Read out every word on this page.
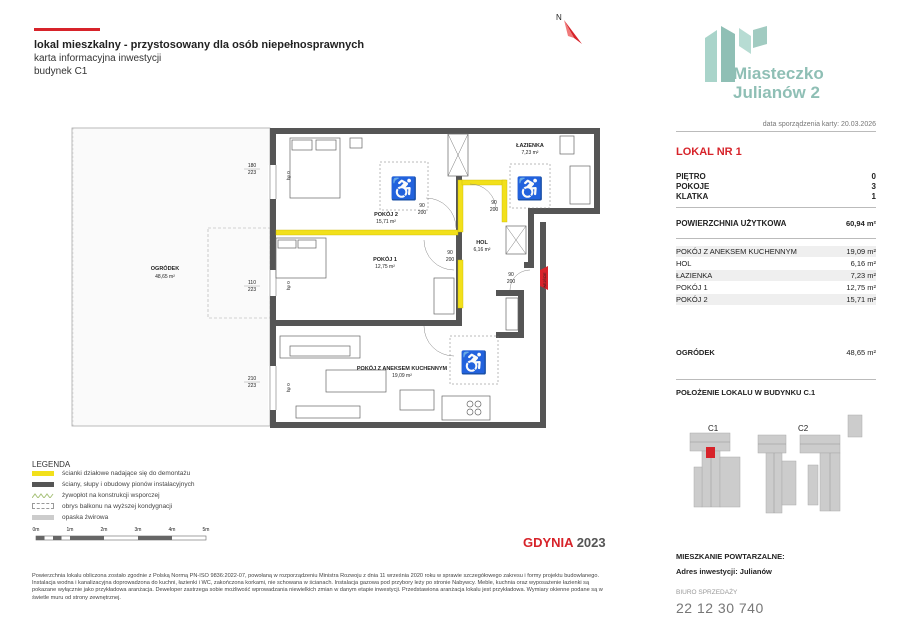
lokal mieszkalny - przystosowany dla osób niepełnosprawnych
karta informacyjna inwestycji
budynek C1
N
Miasteczko
Julianów 2
data sporządzenia karty: 20.03.2026
LOKAL NR 1
PIĘTRO	0
POKOJE	3
KLATKA	1
POWIERZCHNIA UŻYTKOWA	60,94 m²
POKÓJ Z ANEKSEM KUCHENNYM	19,09 m²
HOL	6,16 m²
ŁAZIENKA	7,23 m²
POKÓJ 1	12,75 m²
POKÓJ 2	15,71 m²
OGRÓDEK	48,65 m²
POŁOŻENIE LOKALU W BUDYNKU C.1
C1	C2
OGRÓDEK
48,65 m²
♿	♿
♿
POKÓJ 2
15,71 m²
POKÓJ 1
12,75 m²
ŁAZIENKA
7,23 m²
HOL
6,16 m²
POKÓJ Z ANEKSEM KUCHENNYM
19,09 m²
90
200
90
200
90
200
90
200
180
223
110
223
210
223
hp 0
hp 0
hp 0
WEJŚCIE
LEGENDA
ścianki działowe nadające się do demontażu
ściany, słupy i obudowy pionów instalacyjnych
żywopłot na konstrukcji wsporczej
obrys balkonu na wyższej kondygnacji
opaska żwirowa
0m	1m	2m	3m	4m	5m
GDYNIA 2023
Powierzchnia lokalu obliczona zostało zgodnie z Polską Normą PN-ISO 9836:2022-07, powołaną w rozporządzeniu Ministra Rozwoju z dnia 11 września 2020 roku w sprawie szczegółowego zakresu i formy projektu budowlanego. Instalacja wodna i kanalizacyjna doprowadzona do kuchni, łazienki i WC, zakończona korkami, nie schowana w ścianach. Instalacja gazowa pod przybory leży po stronie Nabywcy. Meble, kuchnia oraz wyposażenie łazienki są pokazane wyłącznie jako przykładowa aranżacja. Deweloper zastrzega sobie możliwość wprowadzania niewielkich zmian w danym etapie inwestycji. Przedstawiona aranżacja lokalu jest przykładowa. Wymiary okienne podane są w świetle muru od strony zewnętrznej.
MIESZKANIE POWTARZALNE:
Adres inwestycji: Julianów
BIURO SPRZEDAŻY
22 12 30 740
